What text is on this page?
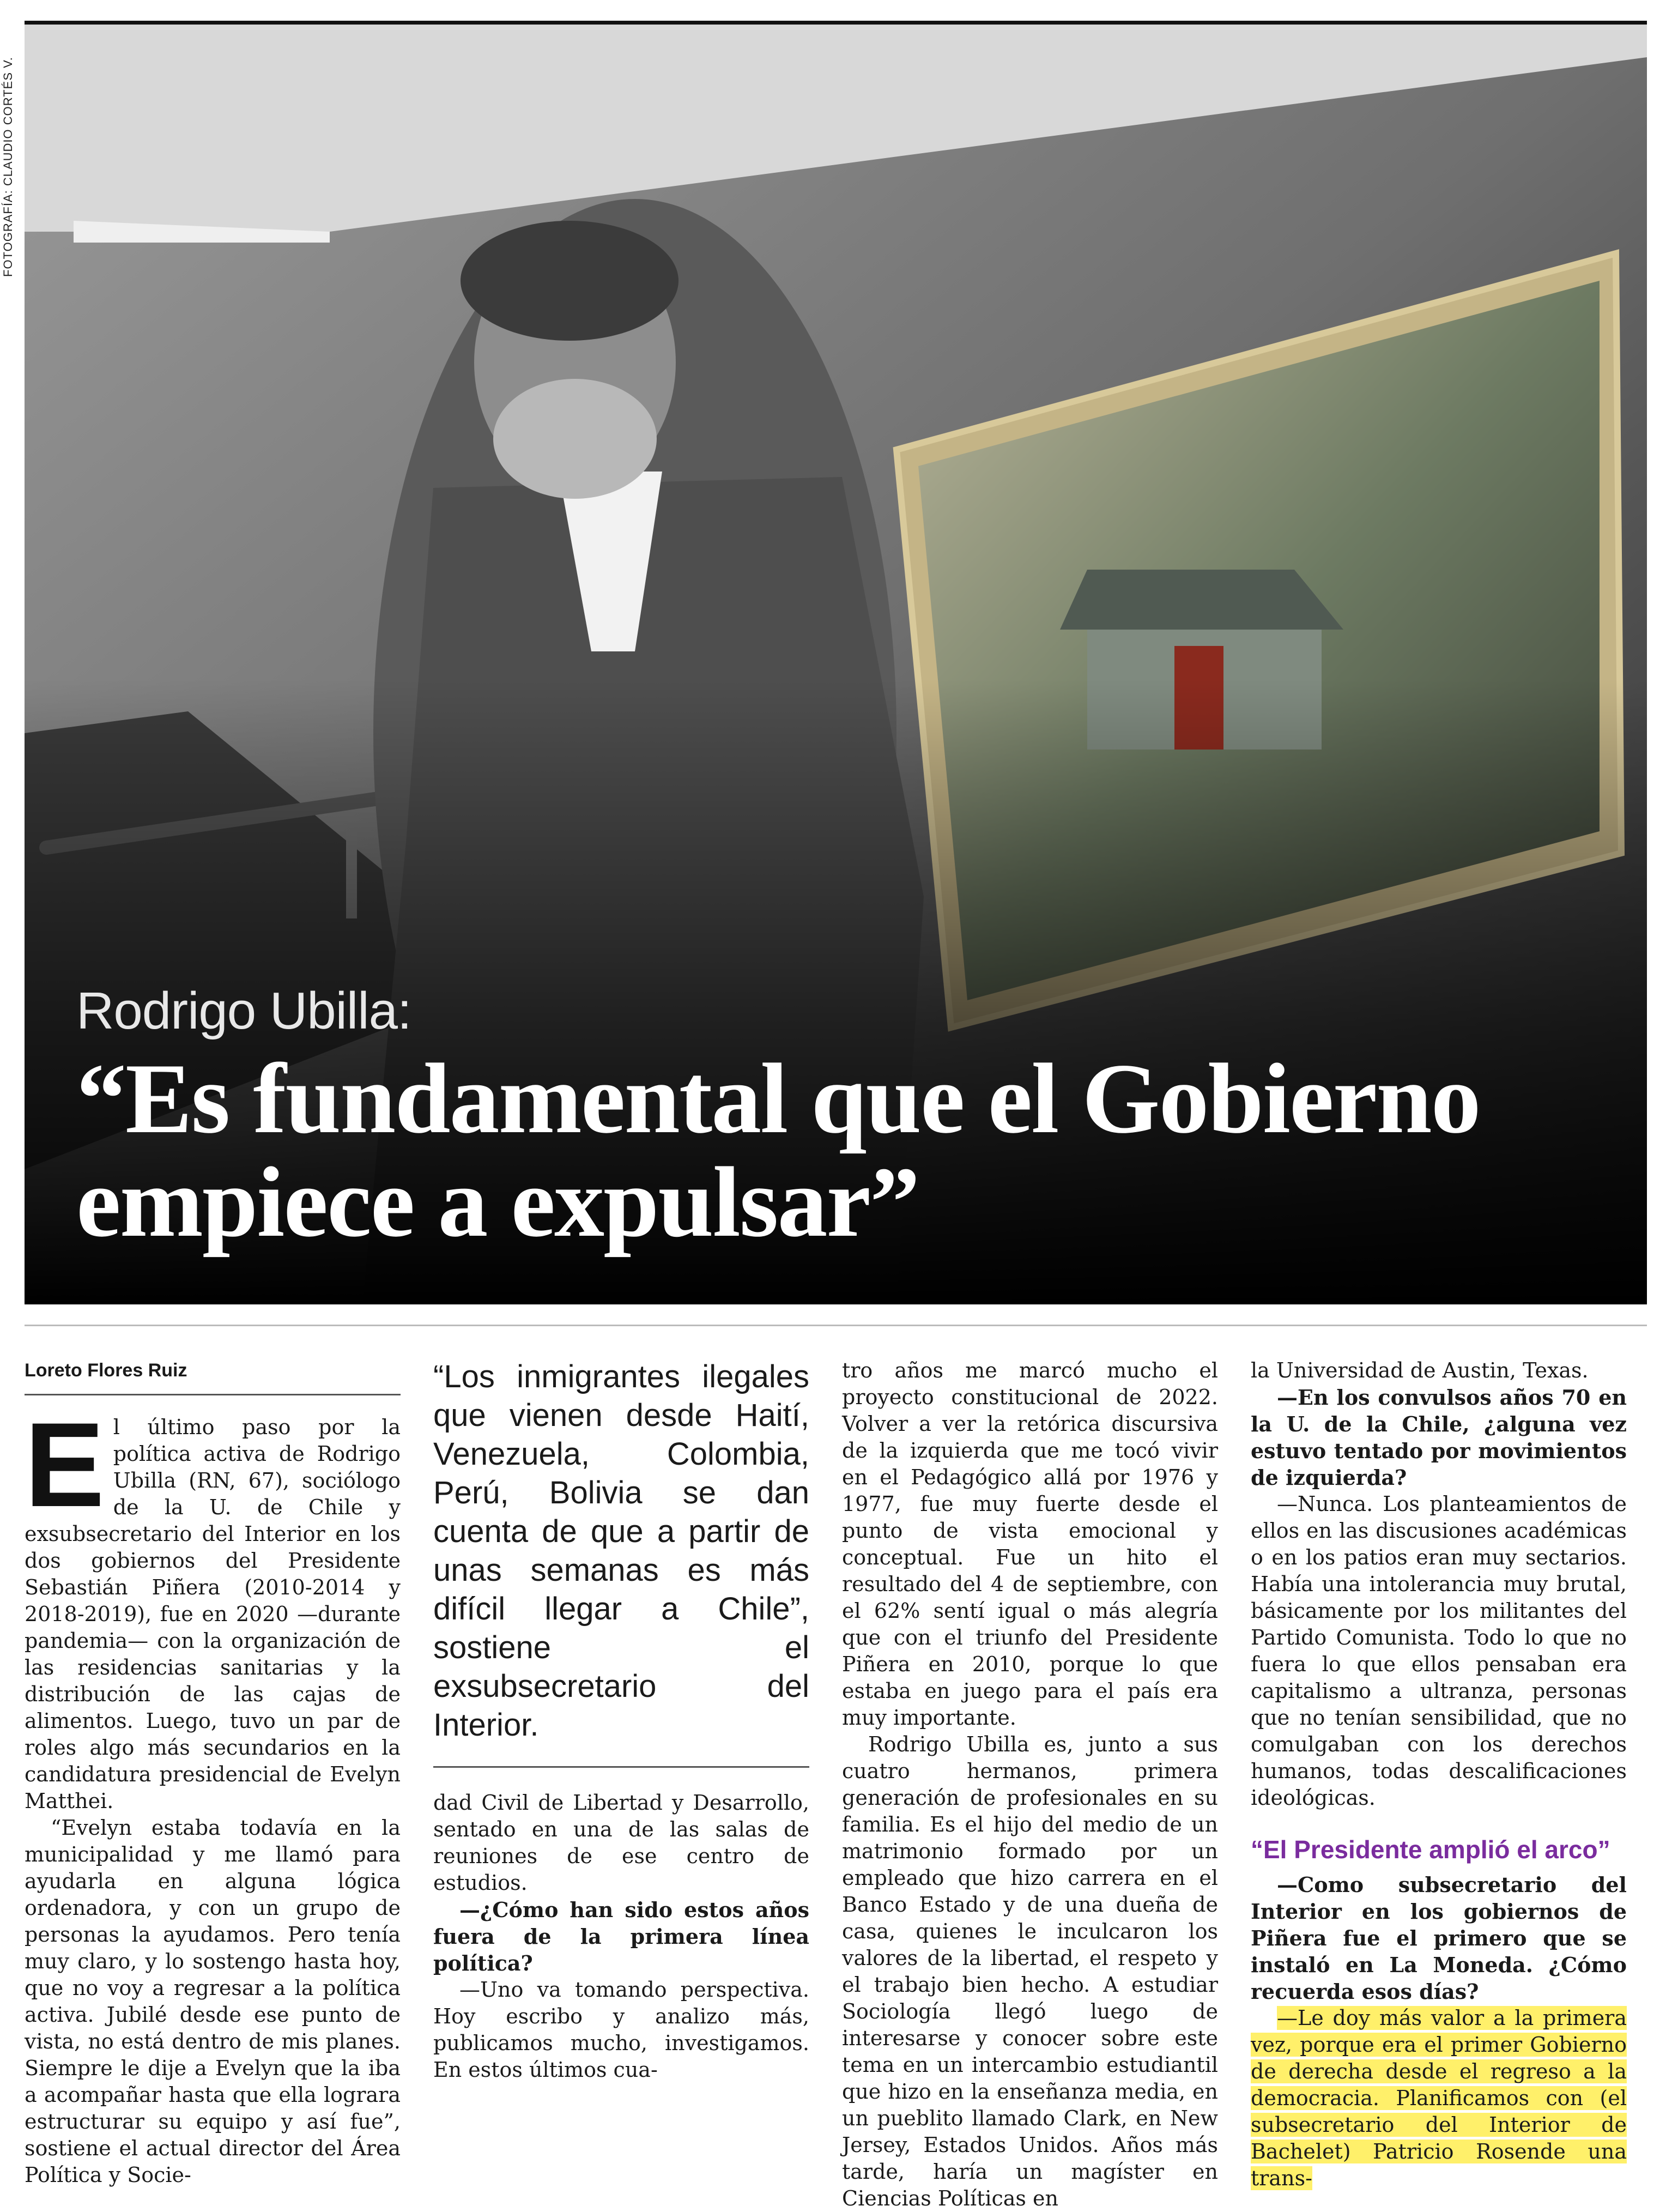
FOTOGRAFÍA: CLAUDIO CORTÉS V.
Rodrigo Ubilla:
“Es fundamental que el Gobierno empiece a expulsar”
Loreto Flores Ruiz
E l último paso por la política activa de Rodrigo Ubilla (RN, 67), sociólogo de la U. de Chile y exsubsecretario del Interior en los dos gobiernos del Presidente Sebastián Piñera (2010-2014 y 2018-2019), fue en 2020 —durante pandemia— con la organización de las residencias sanitarias y la distribución de las cajas de alimentos. Luego, tuvo un par de roles algo más secundarios en la candidatura presidencial de Evelyn Matthei.

“Evelyn estaba todavía en la municipalidad y me llamó para ayudarla en alguna lógica ordenadora, y con un grupo de personas la ayudamos. Pero tenía muy claro, y lo sostengo hasta hoy, que no voy a regresar a la política activa. Jubilé desde ese punto de vista, no está dentro de mis planes. Siempre le dije a Evelyn que la iba a acompañar hasta que ella lograra estructurar su equipo y así fue”, sostiene el actual director del Área Política y Socie-

“Los inmigrantes ilegales que vienen desde Haití, Venezuela, Colombia, Perú, Bolivia se dan cuenta de que a partir de unas semanas es más difícil llegar a Chile”, sostiene el exsubsecretario del Interior.

dad Civil de Libertad y Desarrollo, sentado en una de las salas de reuniones de ese centro de estudios.

—¿Cómo han sido estos años fuera de la primera línea política?

—Uno va tomando perspectiva. Hoy escribo y analizo más, publicamos mucho, investigamos. En estos últimos cua-

tro años me marcó mucho el proyecto constitucional de 2022. Volver a ver la retórica discursiva de la izquierda que me tocó vivir en el Pedagógico allá por 1976 y 1977, fue muy fuerte desde el punto de vista emocional y conceptual. Fue un hito el resultado del 4 de septiembre, con el 62% sentí igual o más alegría que con el triunfo del Presidente Piñera en 2010, porque lo que estaba en juego para el país era muy importante.

Rodrigo Ubilla es, junto a sus cuatro hermanos, primera generación de profesionales en su familia. Es el hijo del medio de un matrimonio formado por un empleado que hizo carrera en el Banco Estado y de una dueña de casa, quienes le inculcaron los valores de la libertad, el respeto y el trabajo bien hecho. A estudiar Sociología llegó luego de interesarse y conocer sobre este tema en un intercambio estudiantil que hizo en la enseñanza media, en un pueblito llamado Clark, en New Jersey, Estados Unidos. Años más tarde, haría un magíster en Ciencias Políticas en

la Universidad de Austin, Texas.

—En los convulsos años 70 en la U. de la Chile, ¿alguna vez estuvo tentado por movimientos de izquierda?

—Nunca. Los planteamientos de ellos en las discusiones académicas o en los patios eran muy sectarios. Había una intolerancia muy brutal, básicamente por los militantes del Partido Comunista. Todo lo que no fuera lo que ellos pensaban era capitalismo a ultranza, personas que no tenían sensibilidad, que no comulgaban con los derechos humanos, todas descalificaciones ideológicas.

“El Presidente amplió el arco”

—Como subsecretario del Interior en los gobiernos de Piñera fue el primero que se instaló en La Moneda. ¿Cómo recuerda esos días?

—Le doy más valor a la primera vez, porque era el primer Gobierno de derecha desde el regreso a la democracia. Planificamos con (el subsecretario del Interior de Bachelet) Patricio Rosende una trans-
